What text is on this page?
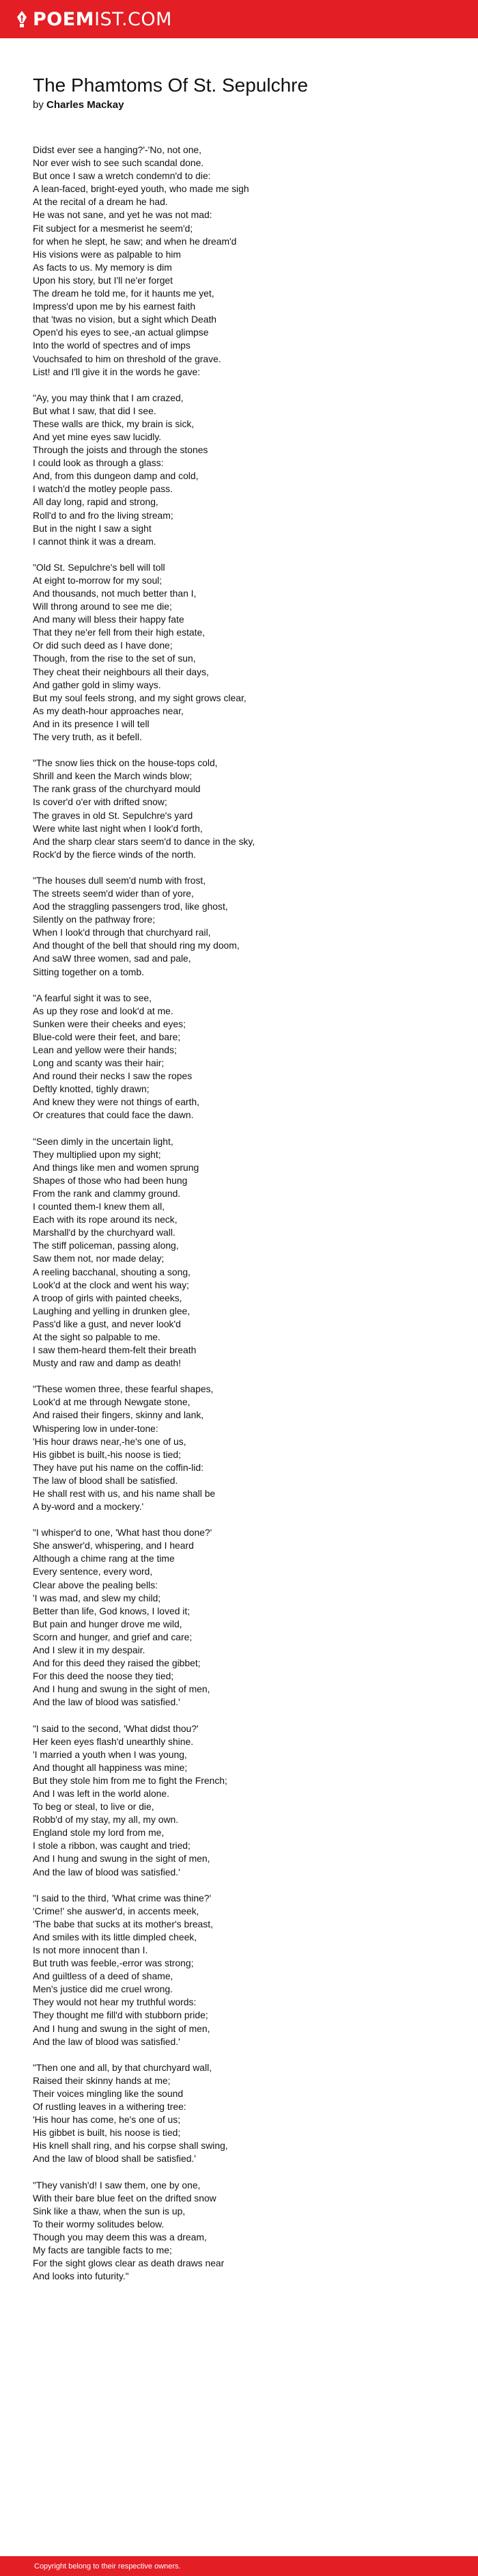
POEM IST.COM
The Phamtoms Of St. Sepulchre
by Charles Mackay
Didst ever see a hanging?'-'No, not one,
Nor ever wish to see such scandal done.
But once I saw a wretch condemn'd to die:
A lean-faced, bright-eyed youth, who made me sigh
At the recital of a dream he had.
He was not sane, and yet he was not mad:
Fit subject for a mesmerist he seem'd;
for when he slept, he saw; and when he dream'd
His visions were as palpable to him
As facts to us. My memory is dim
Upon his story, but I'll ne'er forget
The dream he told me, for it haunts me yet,
Impress'd upon me by his earnest faith
that 'twas no vision, but a sight which Death
Open'd his eyes to see,-an actual glimpse
Into the world of spectres and of imps
Vouchsafed to him on threshold of the grave.
List! and I'll give it in the words he gave:
"Ay, you may think that I am crazed,
But what I saw, that did I see.
These walls are thick, my brain is sick,
And yet mine eyes saw lucidly.
Through the joists and through the stones
I could look as through a glass:
And, from this dungeon damp and cold,
I watch'd the motley people pass.
All day long, rapid and strong,
Roll'd to and fro the living stream;
But in the night I saw a sight
I cannot think it was a dream.
"Old St. Sepulchre's bell will toll
At eight to-morrow for my soul;
And thousands, not much better than I,
Will throng around to see me die;
And many will bless their happy fate
That they ne'er fell from their high estate,
Or did such deed as I have done;
Though, from the rise to the set of sun,
They cheat their neighbours all their days,
And gather gold in slimy ways.
But my soul feels strong, and my sight grows clear,
As my death-hour approaches near,
And in its presence I will tell
The very truth, as it befell.
"The snow lies thick on the house-tops cold,
Shrill and keen the March winds blow;
The rank grass of the churchyard mould
Is cover'd o'er with drifted snow;
The graves in old St. Sepulchre's yard
Were white last night when I look'd forth,
And the sharp clear stars seem'd to dance in the sky,
Rock'd by the fierce winds of the north.
"The houses dull seem'd numb with frost,
The streets seem'd wider than of yore,
Aod the straggling passengers trod, like ghost,
Silently on the pathway frore;
When I look'd through that churchyard rail,
And thought of the bell that should ring my doom,
And saW three women, sad and pale,
Sitting together on a tomb.
"A fearful sight it was to see,
As up they rose and look'd at me.
Sunken were their cheeks and eyes;
Blue-cold were their feet, and bare;
Lean and yellow were their hands;
Long and scanty was their hair;
And round their necks I saw the ropes
Deftly knotted, tighly drawn;
And knew they were not things of earth,
Or creatures that could face the dawn.
"Seen dimly in the uncertain light,
They multiplied upon my sight;
And things like men and women sprung
Shapes of those who had been hung
From the rank and clammy ground.
I counted them-I knew them all,
Each with its rope around its neck,
Marshall'd by the churchyard wall.
The stiff policeman, passing along,
Saw them not, nor made delay;
A reeling bacchanal, shouting a song,
Look'd at the clock and went his way;
A troop of girls with painted cheeks,
Laughing and yelling in drunken glee,
Pass'd like a gust, and never look'd
At the sight so palpable to me.
I saw them-heard them-felt their breath
Musty and raw and damp as death!
"These women three, these fearful shapes,
Look'd at me through Newgate stone,
And raised their fingers, skinny and lank,
Whispering low in under-tone:
'His hour draws near,-he's one of us,
His gibbet is built,-his noose is tied;
They have put his name on the coffin-lid:
The law of blood shall be satisfied.
He shall rest with us, and his name shall be
A by-word and a mockery.'
"I whisper'd to one, 'What hast thou done?'
She answer'd, whispering, and I heard
Although a chime rang at the time
Every sentence, every word,
Clear above the pealing bells:
'I was mad, and slew my child;
Better than life, God knows, I loved it;
But pain and hunger drove me wild,
Scorn and hunger, and grief and care;
And I slew it in my despair.
And for this deed they raised the gibbet;
For this deed the noose they tied;
And I hung and swung in the sight of men,
And the law of blood was satisfied.'
"I said to the second, 'What didst thou?'
Her keen eyes flash'd unearthly shine.
'I married a youth when I was young,
And thought all happiness was mine;
But they stole him from me to fight the French;
And I was left in the world alone.
To beg or steal, to live or die,
Robb'd of my stay, my all, my own.
England stole my lord from me,
I stole a ribbon, was caught and tried;
And I hung and swung in the sight of men,
And the law of blood was satisfied.'
"I said to the third, 'What crime was thine?'
'Crime!' she auswer'd, in accents meek,
'The babe that sucks at its mother's breast,
And smiles with its little dimpled cheek,
Is not more innocent than I.
But truth was feeble,-error was strong;
And guiltless of a deed of shame,
Men's justice did me cruel wrong.
They would not hear my truthful words:
They thought me fill'd with stubborn pride;
And I hung and swung in the sight of men,
And the law of blood was satisfied.'
"Then one and all, by that churchyard wall,
Raised their skinny hands at me;
Their voices mingling like the sound
Of rustling leaves in a withering tree:
'His hour has come, he's one of us;
His gibbet is built, his noose is tied;
His knell shall ring, and his corpse shall swing,
And the law of blood shall be satisfied.'
"They vanish'd! I saw them, one by one,
With their bare blue feet on the drifted snow
Sink like a thaw, when the sun is up,
To their wormy solitudes below.
Though you may deem this was a dream,
My facts are tangible facts to me;
For the sight glows clear as death draws near
And looks into futurity."
Copyright belong to their respective owners.
